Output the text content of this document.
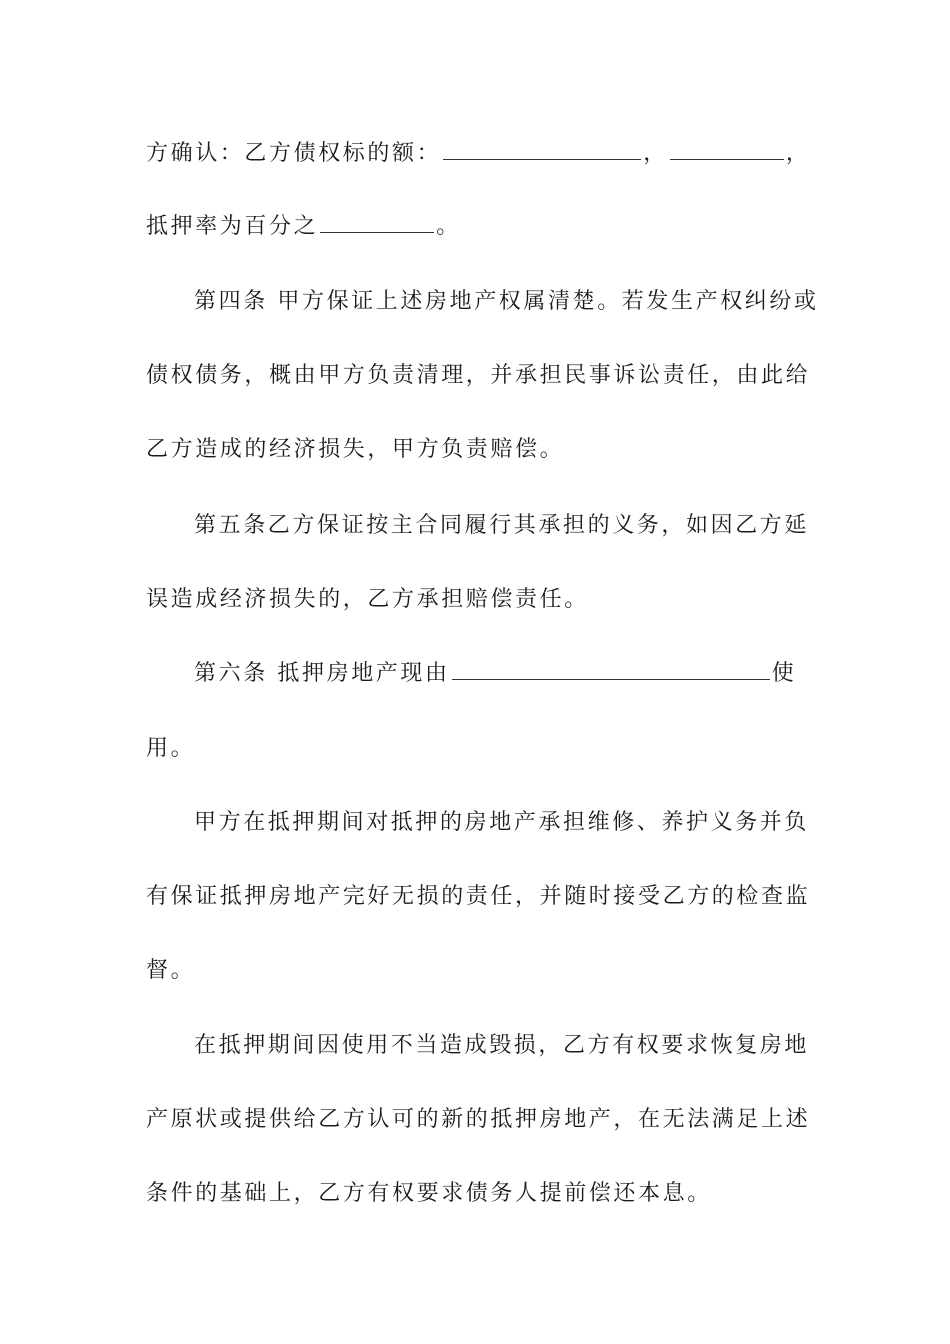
方确认：乙方债权标的额：	，	，
抵押率为百分之	。
第四条 甲方保证上述房地产权属清楚。若发生产权纠纷或
债权债务，概由甲方负责清理，并承担民事诉讼责任，由此给
乙方造成的经济损失，甲方负责赔偿。
第五条乙方保证按主合同履行其承担的义务，如因乙方延
误造成经济损失的，乙方承担赔偿责任。
第六条 抵押房地产现由	使
用。
甲方在抵押期间对抵押的房地产承担维修、养护义务并负
有保证抵押房地产完好无损的责任，并随时接受乙方的检查监
督。
在抵押期间因使用不当造成毁损，乙方有权要求恢复房地
产原状或提供给乙方认可的新的抵押房地产，在无法满足上述
条件的基础上，乙方有权要求债务人提前偿还本息。
